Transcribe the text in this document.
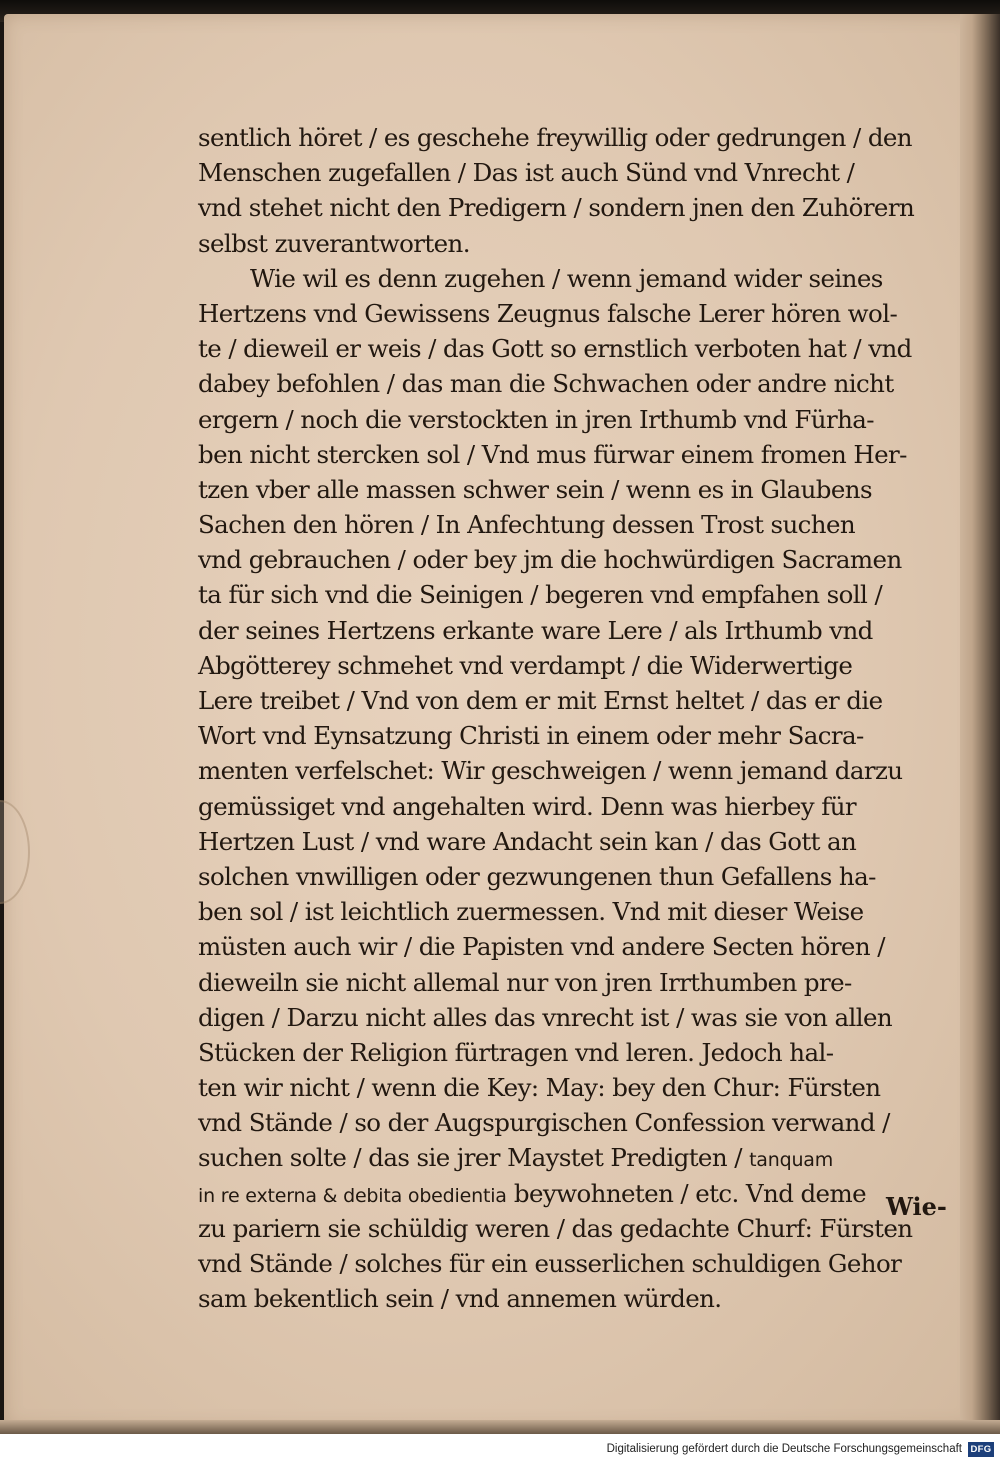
sentlich höret / es geschehe freywillig oder gedrungen / den
Menschen zugefallen / Das ist auch Sünd vnd Vnrecht /
vnd stehet nicht den Predigern / sondern jnen den Zuhörern
selbst zuverantworten.
Wie wil es denn zugehen / wenn jemand wider seines
Hertzens vnd Gewissens Zeugnus falsche Lerer hören wol-
te / dieweil er weis / das Gott so ernstlich verboten hat / vnd
dabey befohlen / das man die Schwachen oder andre nicht
ergern / noch die verstockten in jren Irthumb vnd Fürha-
ben nicht stercken sol / Vnd mus fürwar einem fromen Her-
tzen vber alle massen schwer sein / wenn es in Glaubens
Sachen den hören / In Anfechtung dessen Trost suchen
vnd gebrauchen / oder bey jm die hochwürdigen Sacramen
ta für sich vnd die Seinigen / begeren vnd empfahen soll /
der seines Hertzens erkante ware Lere / als Irthumb vnd
Abgötterey schmehet vnd verdampt / die Widerwertige
Lere treibet / Vnd von dem er mit Ernst heltet / das er die
Wort vnd Eynsatzung Christi in einem oder mehr Sacra-
menten verfelschet: Wir geschweigen / wenn jemand darzu
gemüssiget vnd angehalten wird. Denn was hierbey für
Hertzen Lust / vnd ware Andacht sein kan / das Gott an
solchen vnwilligen oder gezwungenen thun Gefallens ha-
ben sol / ist leichtlich zuermessen. Vnd mit dieser Weise
müsten auch wir / die Papisten vnd andere Secten hören /
dieweiln sie nicht allemal nur von jren Irrthumben pre-
digen / Darzu nicht alles das vnrecht ist / was sie von allen
Stücken der Religion fürtragen vnd leren. Jedoch hal-
ten wir nicht / wenn die Key: May: bey den Chur: Fürsten
vnd Stände / so der Augspurgischen Confession verwand /
suchen solte / das sie jrer Maystet Predigten / tanquam
in re externa & debita obedientia beywohneten / etc. Vnd deme
zu pariern sie schüldig weren / das gedachte Churf: Fürsten
vnd Stände / solches für ein eusserlichen schuldigen Gehor
sam bekentlich sein / vnd annemen würden.
Wie-
Digitalisierung gefördert durch die Deutsche Forschungsgemeinschaft DFG
